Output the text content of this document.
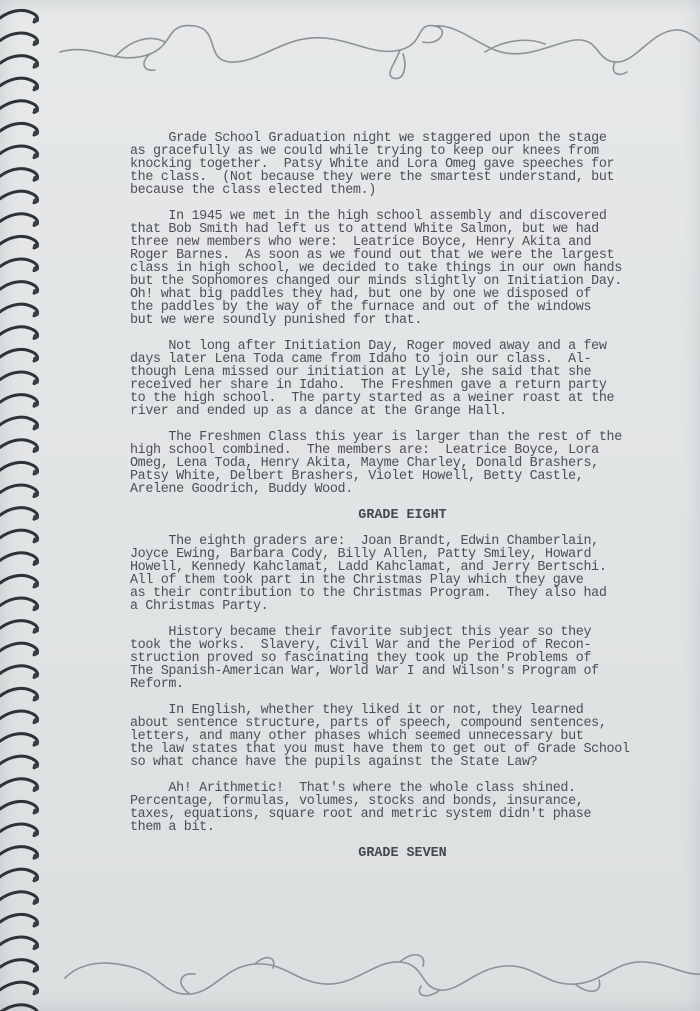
Grade School Graduation night we staggered upon the stage
as gracefully as we could while trying to keep our knees from
knocking together.  Patsy White and Lora Omeg gave speeches for
the class.  (Not because they were the smartest understand, but
because the class elected them.)
In 1945 we met in the high school assembly and discovered
that Bob Smith had left us to attend White Salmon, but we had
three new members who were:  Leatrice Boyce, Henry Akita and
Roger Barnes.  As soon as we found out that we were the largest
class in high school, we decided to take things in our own hands
but the Sophomores changed our minds slightly on Initiation Day.
Oh! what big paddles they had, but one by one we disposed of
the paddles by the way of the furnace and out of the windows
but we were soundly punished for that.
Not long after Initiation Day, Roger moved away and a few
days later Lena Toda came from Idaho to join our class.  Al-
though Lena missed our initiation at Lyle, she said that she
received her share in Idaho.  The Freshmen gave a return party
to the high school.  The party started as a weiner roast at the
river and ended up as a dance at the Grange Hall.
The Freshmen Class this year is larger than the rest of the
high school combined.  The members are:  Leatrice Boyce, Lora
Omeg, Lena Toda, Henry Akita, Mayme Charley, Donald Brashers,
Patsy White, Delbert Brashers, Violet Howell, Betty Castle,
Arelene Goodrich, Buddy Wood.
GRADE EIGHT
The eighth graders are:  Joan Brandt, Edwin Chamberlain,
Joyce Ewing, Barbara Cody, Billy Allen, Patty Smiley, Howard
Howell, Kennedy Kahclamat, Ladd Kahclamat, and Jerry Bertschi.
All of them took part in the Christmas Play which they gave
as their contribution to the Christmas Program.  They also had
a Christmas Party.
History became their favorite subject this year so they
took the works.  Slavery, Civil War and the Period of Recon-
struction proved so fascinating they took up the Problems of
The Spanish-American War, World War I and Wilson's Program of
Reform.
In English, whether they liked it or not, they learned
about sentence structure, parts of speech, compound sentences,
letters, and many other phases which seemed unnecessary but
the law states that you must have them to get out of Grade School
so what chance have the pupils against the State Law?
Ah! Arithmetic!  That's where the whole class shined.
Percentage, formulas, volumes, stocks and bonds, insurance,
taxes, equations, square root and metric system didn't phase
them a bit.
GRADE SEVEN
